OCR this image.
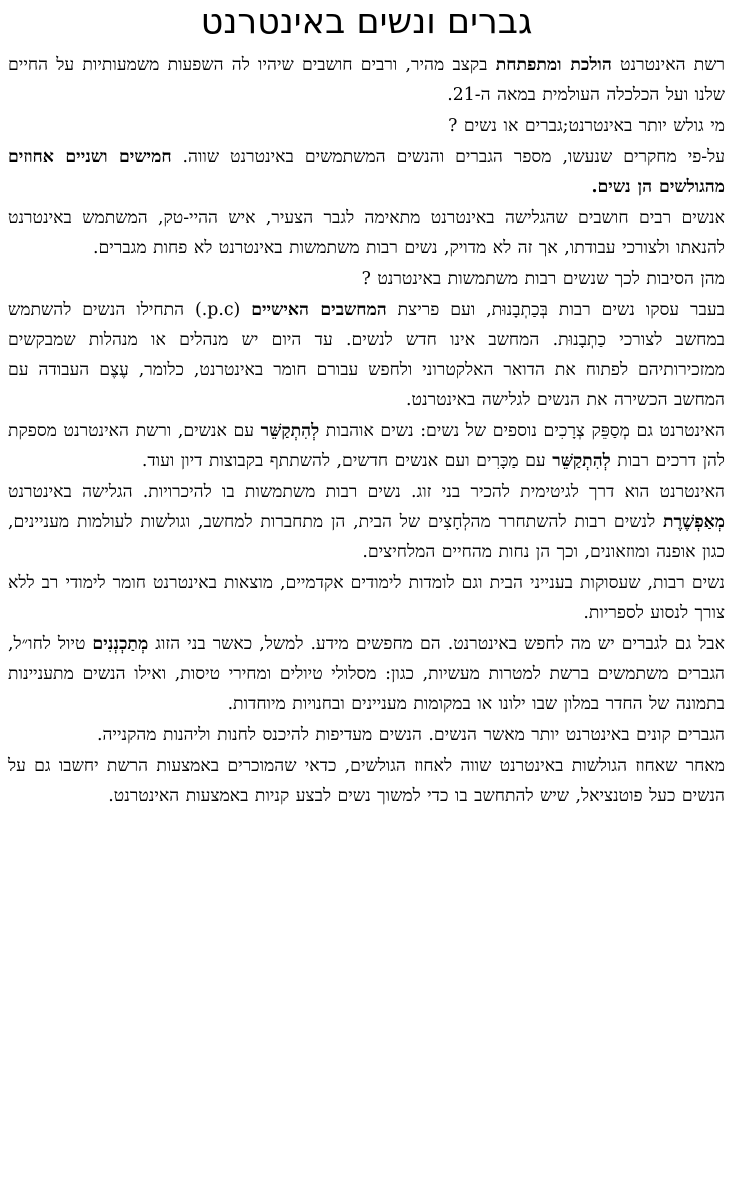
גברים ונשים באינטרנט

רשת האינטרנט הולכת ומתפתחת בקצב מהיר, ורבים חושבים שיהיו לה השפעות משמעותיות על החיים שלנו ועל הכלכלה העולמית במאה ה-21.

מי גולש יותר באינטרנט;גברים או נשים ?

על-פי מחקרים שנעשו, מספר הגברים והנשים המשתמשים באינטרנט שווה. חמישים ושניים אחוזים מהגולשים הן נשים.

אנשים רבים חושבים שהגלישה באינטרנט מתאימה לגבר הצעיר, איש ההיי-טק, המשתמש באינטרנט להנאתו ולצורכי עבודתו, אך זה לא מדויק, נשים רבות משתמשות באינטרנט לא פחות מגברים.

מהן הסיבות לכך שנשים רבות משתמשות באינטרנט ?

בעבר עסקו נשים רבות בְּכַתְבָנוּת, ועם פריצת המחשבים האישיים (p.c.) התחילו הנשים להשתמש במחשב לצורכי כַתְבָנוּת. המחשב אינו חדש לנשים. עד היום יש מנהלים או מנהלות שמבקשים ממזכירותיהם לפתוח את הדואר האלקטרוני ולחפש עבורם חומר באינטרנט, כלומר, עֶצֶם העבודה עם המחשב הכשירה את הנשים לגלישה באינטרנט.

האינטרנט גם מְסַפֵּק צְרָכִים נוספים של נשים: נשים אוהבות לְהִתְקַשֵּׁר עם אנשים, ורשת האינטרנט מספקת להן דרכים רבות לְהִתְקַשֵּׁר עם מַכָּרִים ועם אנשים חדשים, להשתתף בקבוצות דיון ועוד.

האינטרנט הוא דרך לגיטימית להכיר בני זוג. נשים רבות משתמשות בו להיכרויות. הגלישה באינטרנט מְאַפְשֶׁרֶת לנשים רבות להשתחרר מהלְחָצִים של הבית, הן מתחברות למחשב, וגולשות לעולמות מעניינים, כגון אופנה ומוזאונים, וכך הן נחות מהחיים המלחיצים.

נשים רבות, שעסוקות בענייני הבית וגם לומדות לימודים אקדמיים, מוצאות באינטרנט חומר לימודי רב ללא צורך לנסוע לספריות.

אבל גם לגברים יש מה לחפש באינטרנט. הם מחפשים מידע. למשל, כאשר בני הזוג מְתַכְנְנִים טיול לחו״ל, הגברים משתמשים ברשת למטרות מעשיות, כגון: מסלולי טיולים ומחירי טיסות, ואילו הנשים מתעניינות בתמונה של החדר במלון שבו ילונו או במקומות מעניינים ובחנויות מיוחדות.

הגברים קונים באינטרנט יותר מאשר הנשים. הנשים מעדיפות להיכנס לחנות וליהנות מהקנייה.

מאחר שאחוז הגולשות באינטרנט שווה לאחוז הגולשים, כדאי שהמוכרים באמצעות הרשת יחשבו גם על הנשים כעל פוטנציאל, שיש להתחשב בו כדי למשוך נשים לבצע קניות באמצעות האינטרנט.
